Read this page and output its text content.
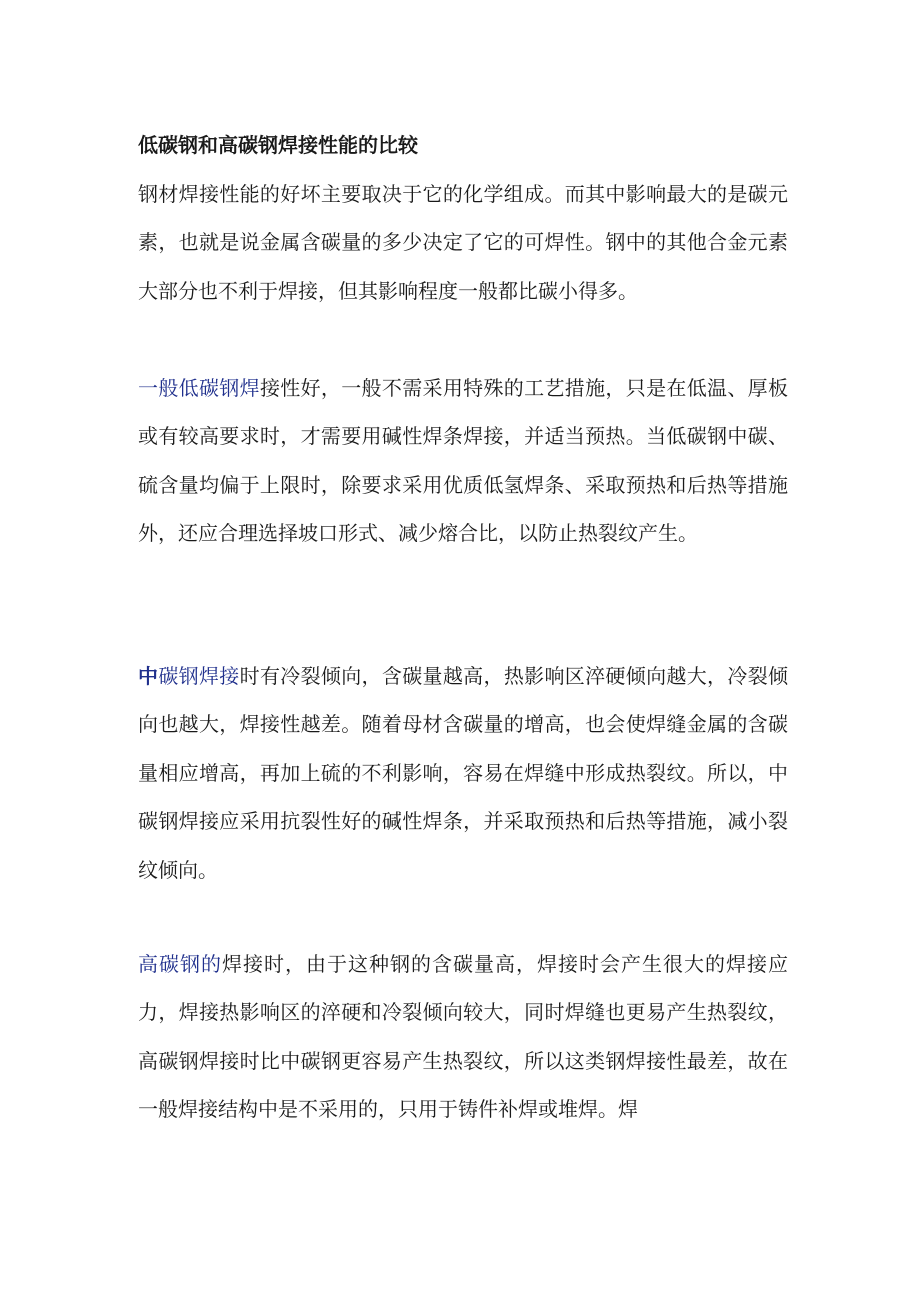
低碳钢和高碳钢焊接性能的比较

钢材焊接性能的好坏主要取决于它的化学组成。而其中影响最大的是碳元素，也就是说金属含碳量的多少决定了它的可焊性。钢中的其他合金元素大部分也不利于焊接，但其影响程度一般都比碳小得多。

一般低碳钢焊接性好，一般不需采用特殊的工艺措施，只是在低温、厚板或有较高要求时，才需要用碱性焊条焊接，并适当预热。当低碳钢中碳、硫含量均偏于上限时，除要求采用优质低氢焊条、采取预热和后热等措施外，还应合理选择坡口形式、减少熔合比，以防止热裂纹产生。

中碳钢焊接时有冷裂倾向，含碳量越高，热影响区淬硬倾向越大，冷裂倾向也越大，焊接性越差。随着母材含碳量的增高，也会使焊缝金属的含碳量相应增高，再加上硫的不利影响，容易在焊缝中形成热裂纹。所以，中碳钢焊接应采用抗裂性好的碱性焊条，并采取预热和后热等措施，减小裂纹倾向。

高碳钢的焊接时，由于这种钢的含碳量高，焊接时会产生很大的焊接应力，焊接热影响区的淬硬和冷裂倾向较大，同时焊缝也更易产生热裂纹，高碳钢焊接时比中碳钢更容易产生热裂纹，所以这类钢焊接性最差，故在一般焊接结构中是不采用的，只用于铸件补焊或堆焊。焊
